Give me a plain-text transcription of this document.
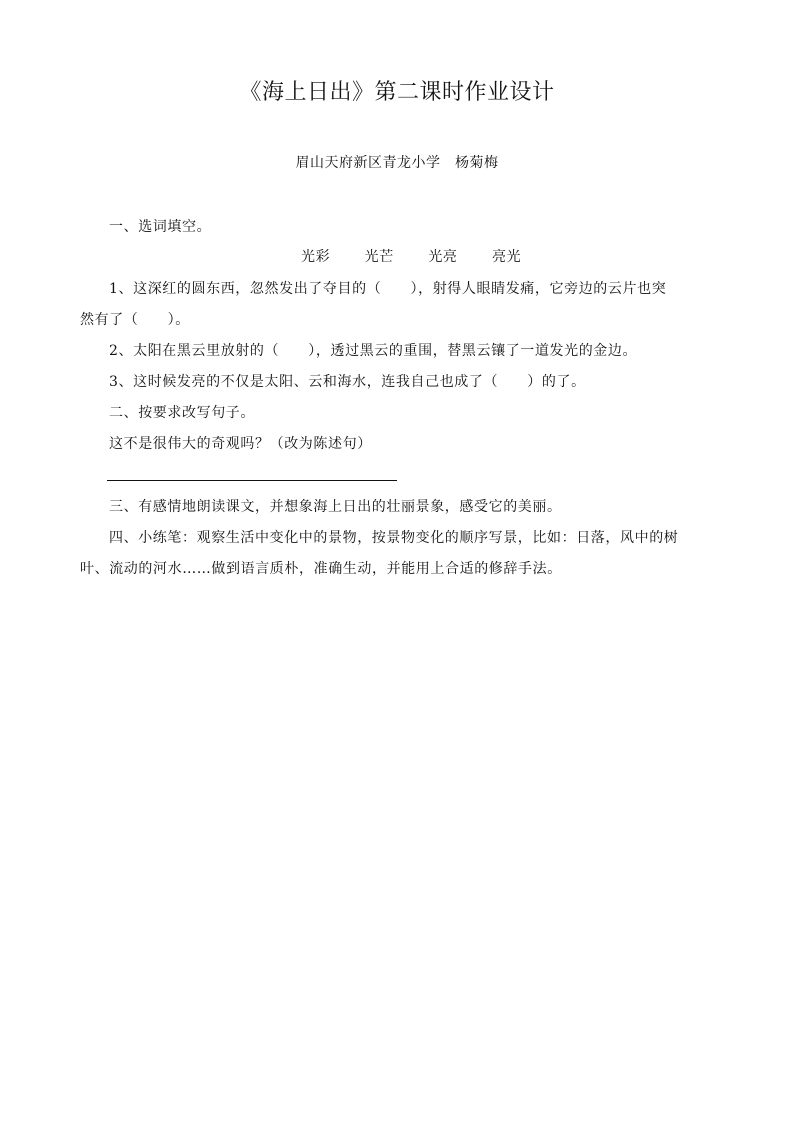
《海上日出》第二课时作业设计
眉山天府新区青龙小学　杨菊梅
一、选词填空。
光彩 光芒 光亮 亮光
1、这深红的圆东西，忽然发出了夺目的（　　），射得人眼睛发痛，它旁边的云片也突
然有了（　　）。
2、太阳在黑云里放射的（　　），透过黑云的重围，替黑云镶了一道发光的金边。
3、这时候发亮的不仅是太阳、云和海水，连我自己也成了（　　）的了。
二、按要求改写句子。
这不是很伟大的奇观吗？（改为陈述句）
三、有感情地朗读课文，并想象海上日出的壮丽景象，感受它的美丽。
四、小练笔：观察生活中变化中的景物，按景物变化的顺序写景，比如：日落，风中的树
叶、流动的河水……做到语言质朴，准确生动，并能用上合适的修辞手法。
